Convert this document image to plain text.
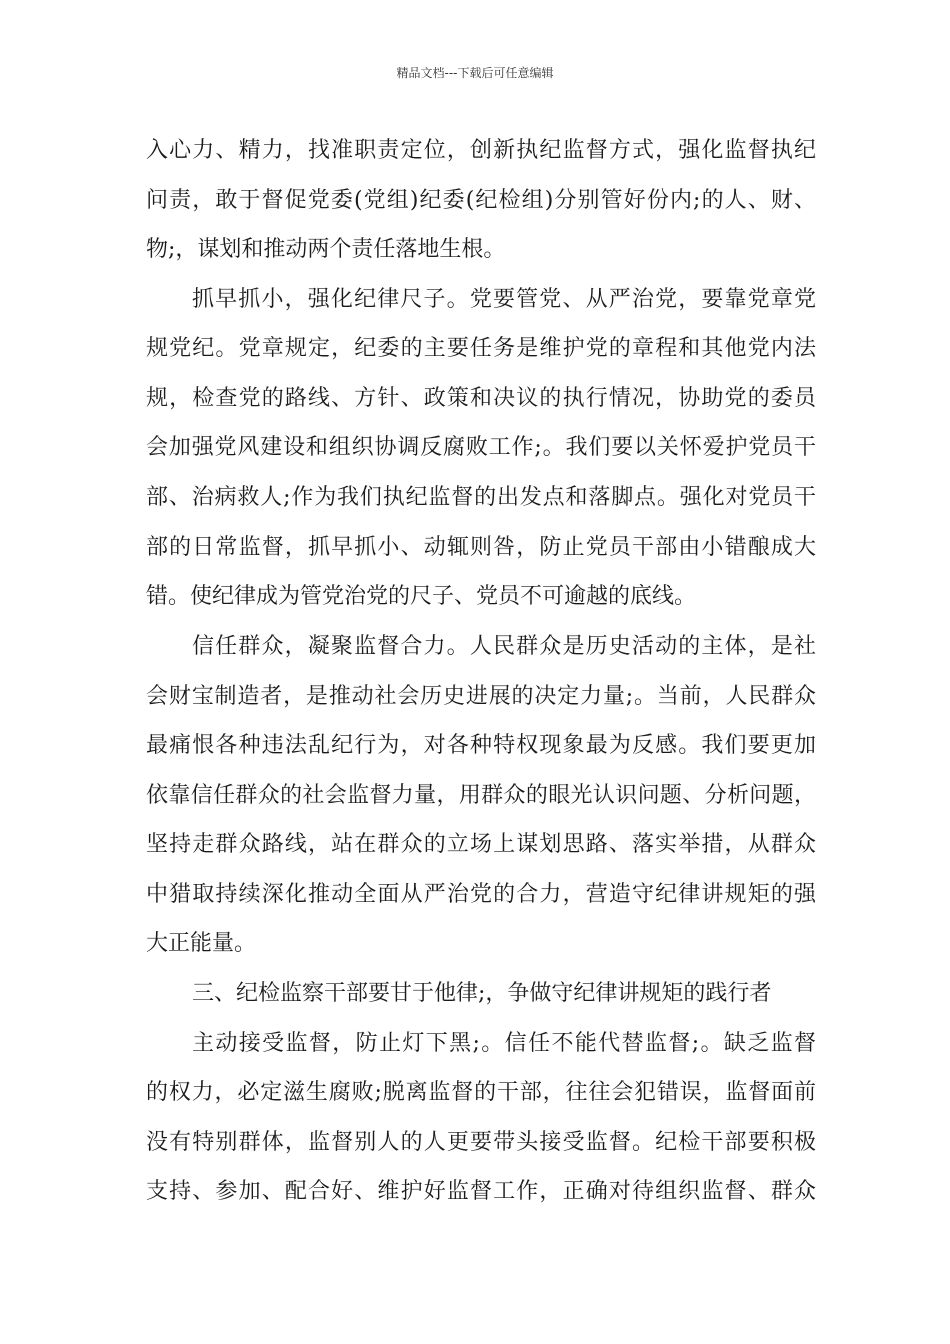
精品文档---下载后可任意编辑
入心力、精力，找准职责定位，创新执纪监督方式，强化监督执纪
问责，敢于督促党委(党组)纪委(纪检组)分别管好份内;的人、财、
物;，谋划和推动两个责任落地生根。
抓早抓小，强化纪律尺子。党要管党、从严治党，要靠党章党
规党纪。党章规定，纪委的主要任务是维护党的章程和其他党内法
规，检查党的路线、方针、政策和决议的执行情况，协助党的委员
会加强党风建设和组织协调反腐败工作;。我们要以关怀爱护党员干
部、治病救人;作为我们执纪监督的出发点和落脚点。强化对党员干
部的日常监督，抓早抓小、动辄则咎，防止党员干部由小错酿成大
错。使纪律成为管党治党的尺子、党员不可逾越的底线。
信任群众，凝聚监督合力。人民群众是历史活动的主体，是社
会财宝制造者，是推动社会历史进展的决定力量;。当前，人民群众
最痛恨各种违法乱纪行为，对各种特权现象最为反感。我们要更加
依靠信任群众的社会监督力量，用群众的眼光认识问题、分析问题，
坚持走群众路线，站在群众的立场上谋划思路、落实举措，从群众
中猎取持续深化推动全面从严治党的合力，营造守纪律讲规矩的强
大正能量。
三、纪检监察干部要甘于他律;，争做守纪律讲规矩的践行者
主动接受监督，防止灯下黑;。信任不能代替监督;。缺乏监督
的权力，必定滋生腐败;脱离监督的干部，往往会犯错误，监督面前
没有特别群体，监督别人的人更要带头接受监督。纪检干部要积极
支持、参加、配合好、维护好监督工作，正确对待组织监督、群众
